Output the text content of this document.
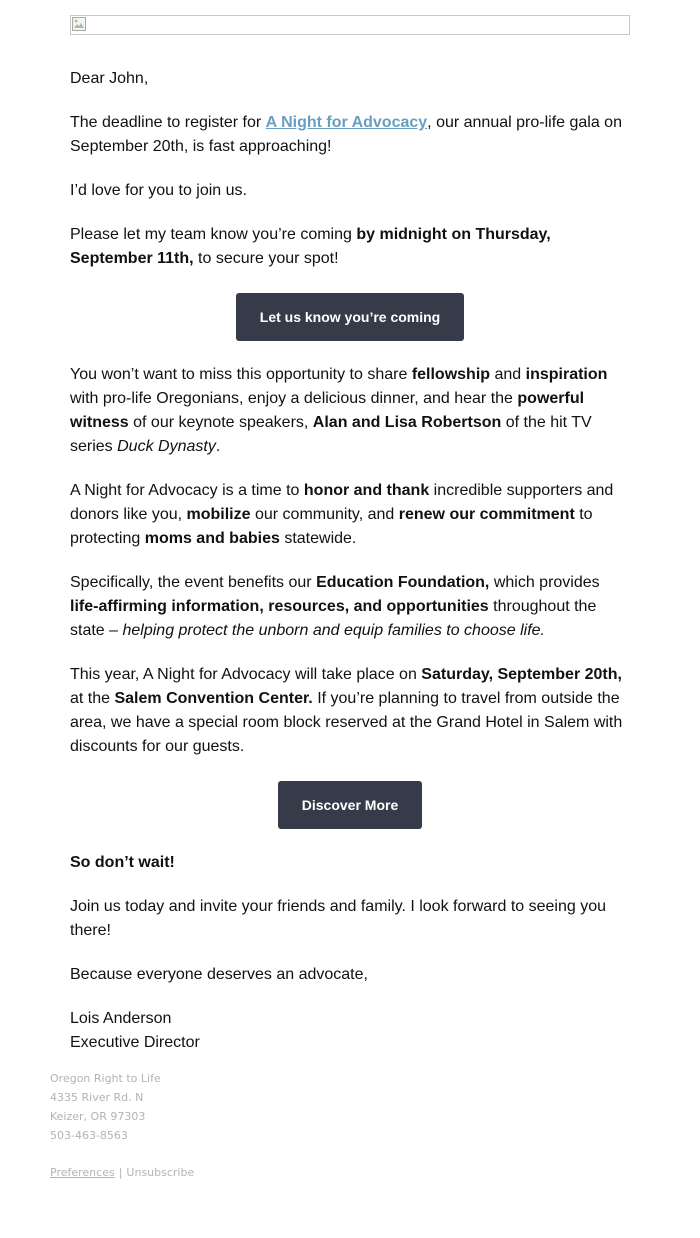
Dear John,

The deadline to register for A Night for Advocacy, our annual pro-life gala on September 20th, is fast approaching!

I’d love for you to join us.

Please let my team know you’re coming by midnight on Thursday, September 11th, to secure your spot!

Let us know you’re coming

You won’t want to miss this opportunity to share fellowship and inspiration with pro-life Oregonians, enjoy a delicious dinner, and hear the powerful witness of our keynote speakers, Alan and Lisa Robertson of the hit TV series Duck Dynasty.

A Night for Advocacy is a time to honor and thank incredible supporters and donors like you, mobilize our community, and renew our commitment to protecting moms and babies statewide.

Specifically, the event benefits our Education Foundation, which provides life-affirming information, resources, and opportunities throughout the state – helping protect the unborn and equip families to choose life.

This year, A Night for Advocacy will take place on Saturday, September 20th, at the Salem Convention Center. If you’re planning to travel from outside the area, we have a special room block reserved at the Grand Hotel in Salem with discounts for our guests.

Discover More

So don’t wait!

Join us today and invite your friends and family. I look forward to seeing you there!

Because everyone deserves an advocate,

Lois Anderson
Executive Director

Oregon Right to Life
4335 River Rd. N
Keizer, OR 97303
503-463-8563
Preferences | Unsubscribe
